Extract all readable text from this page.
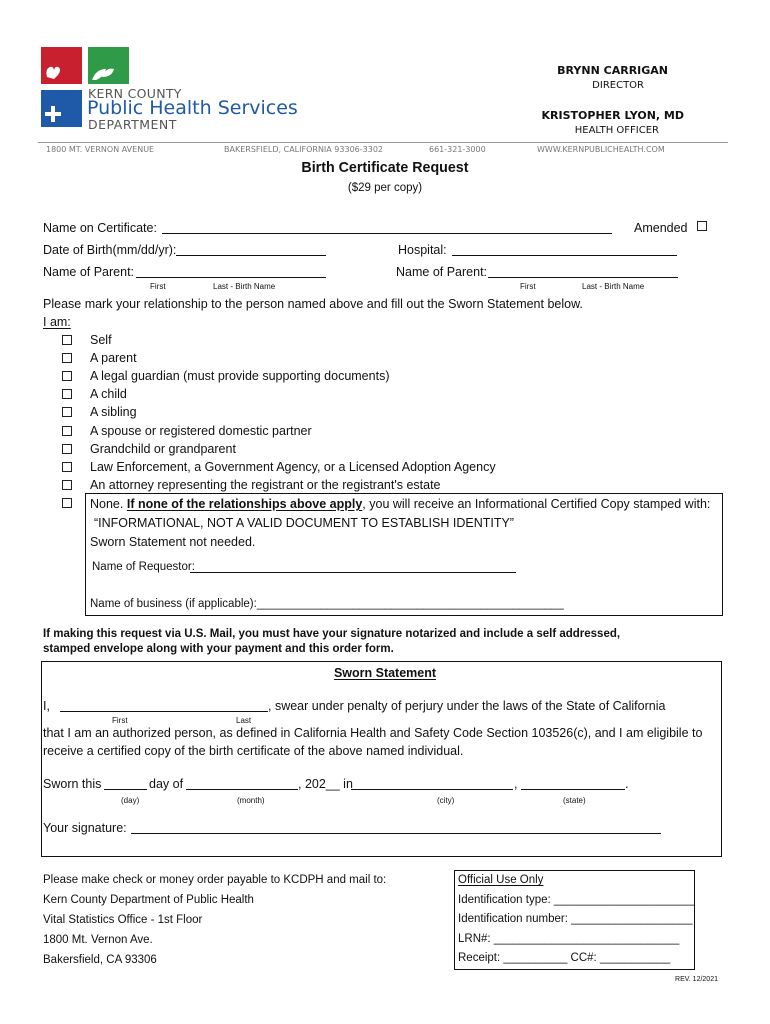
KERN COUNTY
Public Health Services
DEPARTMENT
BRYNN CARRIGAN
DIRECTOR
KRISTOPHER LYON, MD
HEALTH OFFICER
1800 MT. VERNON AVENUE	BAKERSFIELD, CALIFORNIA 93306-3302	661-321-3000	WWW.KERNPUBLICHEALTH.COM
Birth Certificate Request
($29 per copy)
Name on Certificate:	Amended
Date of Birth(mm/dd/yr):	Hospital:
Name of Parent:	Name of Parent:
First	Last - Birth Name	First	Last - Birth Name
Please mark your relationship to the person named above and fill out the Sworn Statement below.
I am:
Self
A parent
A legal guardian (must provide supporting documents)
A child
A sibling
A spouse or registered domestic partner
Grandchild or grandparent
Law Enforcement, a Government Agency, or a Licensed Adoption Agency
An attorney representing the registrant or the registrant's estate
None. If none of the relationships above apply, you will receive an Informational Certified Copy stamped with:
“INFORMATIONAL, NOT A VALID DOCUMENT TO ESTABLISH IDENTITY”
Sworn Statement not needed.
Name of Requestor:
Name of business (if applicable):________________________________________________
If making this request via U.S. Mail, you must have your signature notarized and include a self addressed,
stamped envelope along with your payment and this order form.
Sworn Statement
I,	, swear under penalty of perjury under the laws of the State of California
First	Last
that I am an authorized person, as defined in California Health and Safety Code Section 103526(c), and I am eligibile to
receive a certified copy of the birth certificate of the above named individual.
Sworn this	day of	, 202__ in	,	.
(day)	(month)	(city)	(state)
Your signature:
Please make check or money order payable to KCDPH and mail to:
Kern County Department of Public Health
Vital Statistics Office - 1st Floor
1800 Mt. Vernon Ave.
Bakersfield, CA 93306
Official Use Only
Identification type: ______________________
Identification number: ___________________
LRN#: _____________________________
Receipt: __________ CC#: ___________
REV. 12/2021
